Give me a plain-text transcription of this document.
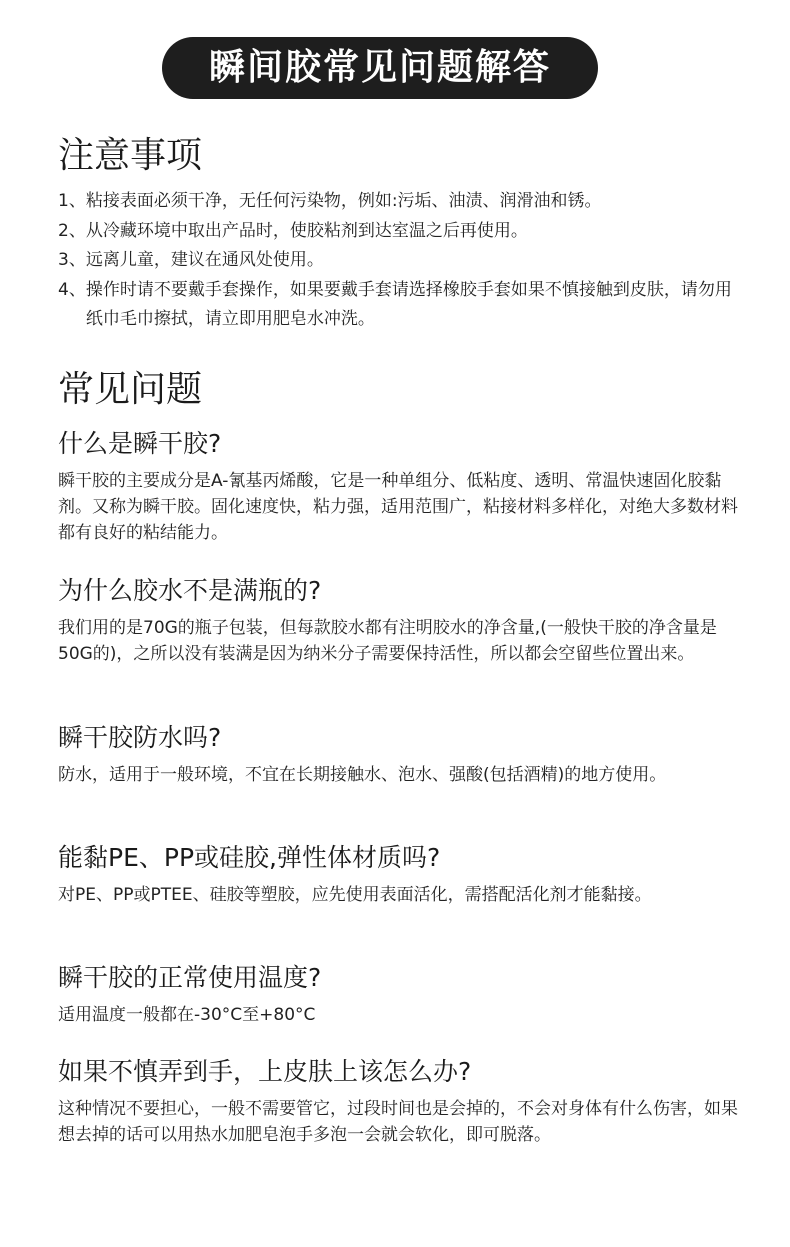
瞬间胶常见问题解答
注意事项
1、 粘接表面必须干净，无任何污染物，例如:污垢、油渍、润滑油和锈。
2、 从冷藏环境中取出产品时，使胶粘剂到达室温之后再使用。
3、 远离儿童，建议在通风处使用。
4、 操作时请不要戴手套操作，如果要戴手套请选择橡胶手套如果不慎接触到皮肤，请勿用纸巾毛巾擦拭，请立即用肥皂水冲洗。
常见问题

什么是瞬干胶?

瞬干胶的主要成分是A-氰基丙烯酸，它是一种单组分、低粘度、透明、常温快速固化胶黏剂。又称为瞬干胶。固化速度快，粘力强，适用范围广，粘接材料多样化，对绝大多数材料都有良好的粘结能力。

为什么胶水不是满瓶的?

我们用的是70G的瓶子包装，但每款胶水都有注明胶水的净含量,(一般快干胶的净含量是50G的)，之所以没有装满是因为纳米分子需要保持活性，所以都会空留些位置出来。

瞬干胶防水吗?

防水，适用于一般环境，不宜在长期接触水、泡水、强酸(包括酒精)的地方使用。

能黏PE、PP或硅胶,弹性体材质吗?

对PE、PP或PTEE、硅胶等塑胶，应先使用表面活化，需搭配活化剂才能黏接。

瞬干胶的正常使用温度?

适用温度一般都在-30°C至+80°C

如果不慎弄到手，上皮肤上该怎么办?

这种情况不要担心，一般不需要管它，过段时间也是会掉的，不会对身体有什么伤害，如果想去掉的话可以用热水加肥皂泡手多泡一会就会软化，即可脱落。
